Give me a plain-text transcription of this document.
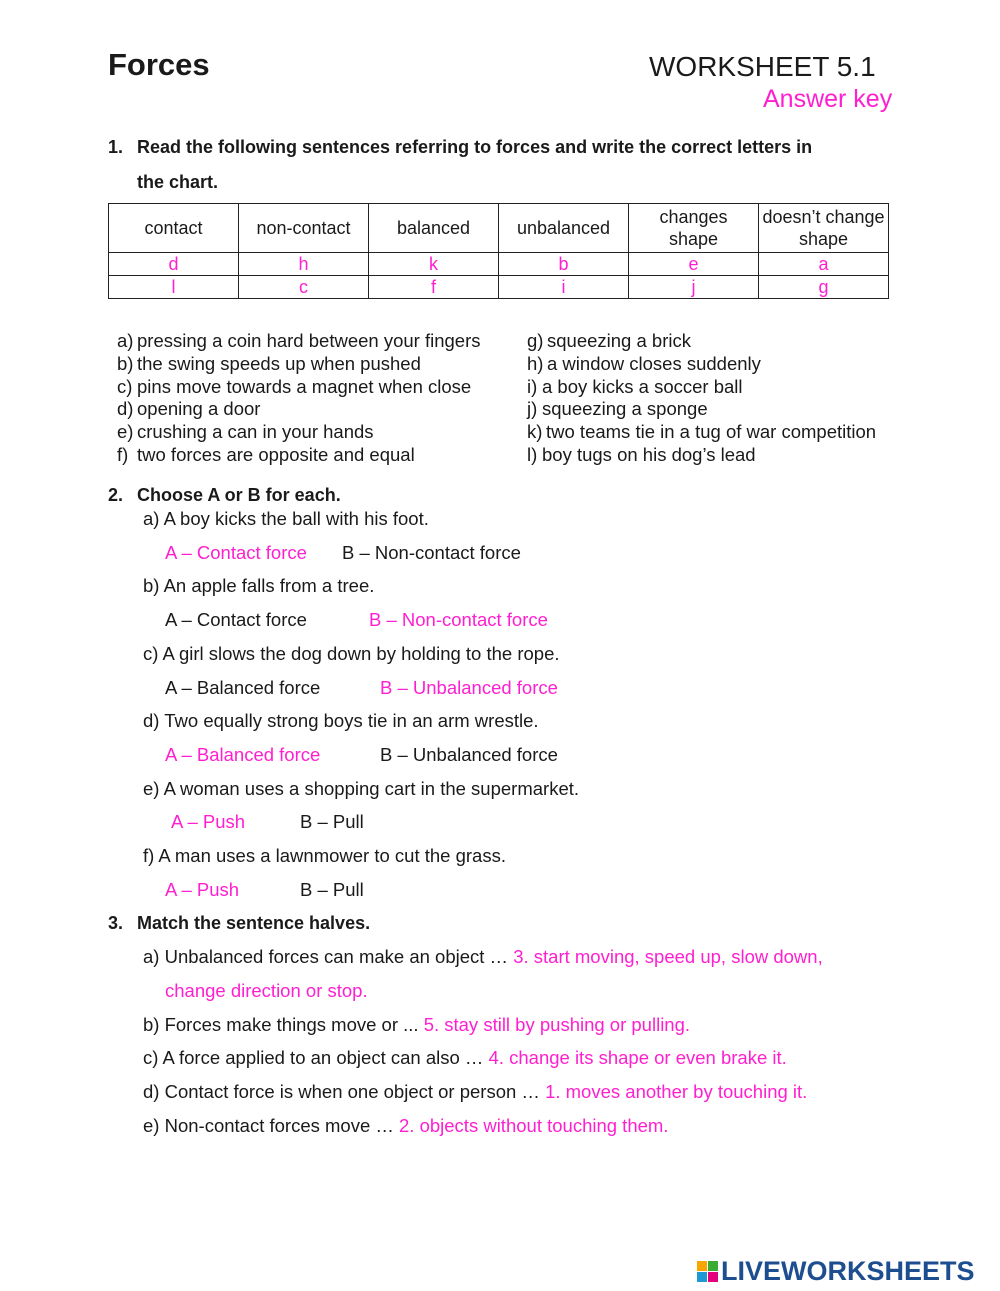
Forces	WORKSHEET 5.1
Answer key
1. Read the following sentences referring to forces and write the correct letters in
the chart.
contact	non-contact	balanced	unbalanced	changes shape	doesn’t change shape
d	h	k	b	e	a
l	c	f	i	j	g
a) pressing a coin hard between your fingers
b) the swing speeds up when pushed
c) pins move towards a magnet when close
d) opening a door
e) crushing a can in your hands
f) two forces are opposite and equal
g) squeezing a brick
h) a window closes suddenly
i) a boy kicks a soccer ball
j) squeezing a sponge
k) two teams tie in a tug of war competition
l) boy tugs on his dog’s lead
2. Choose A or B for each.
a) A boy kicks the ball with his foot.
A – Contact force B – Non-contact force
b) An apple falls from a tree.
A – Contact force	B – Non-contact force
c) A girl slows the dog down by holding to the rope.
A – Balanced force	B – Unbalanced force
d) Two equally strong boys tie in an arm wrestle.
A – Balanced force	B – Unbalanced force
e) A woman uses a shopping cart in the supermarket.
A – Push	B – Pull
f) A man uses a lawnmower to cut the grass.
A – Push	B – Pull
3. Match the sentence halves.
a) Unbalanced forces can make an object … 3. start moving, speed up, slow down,
change direction or stop.
b) Forces make things move or ... 5. stay still by pushing or pulling.
c) A force applied to an object can also … 4. change its shape or even brake it.
d) Contact force is when one object or person … 1. moves another by touching it.
e) Non-contact forces move … 2. objects without touching them.
LIVEWORKSHEETS
